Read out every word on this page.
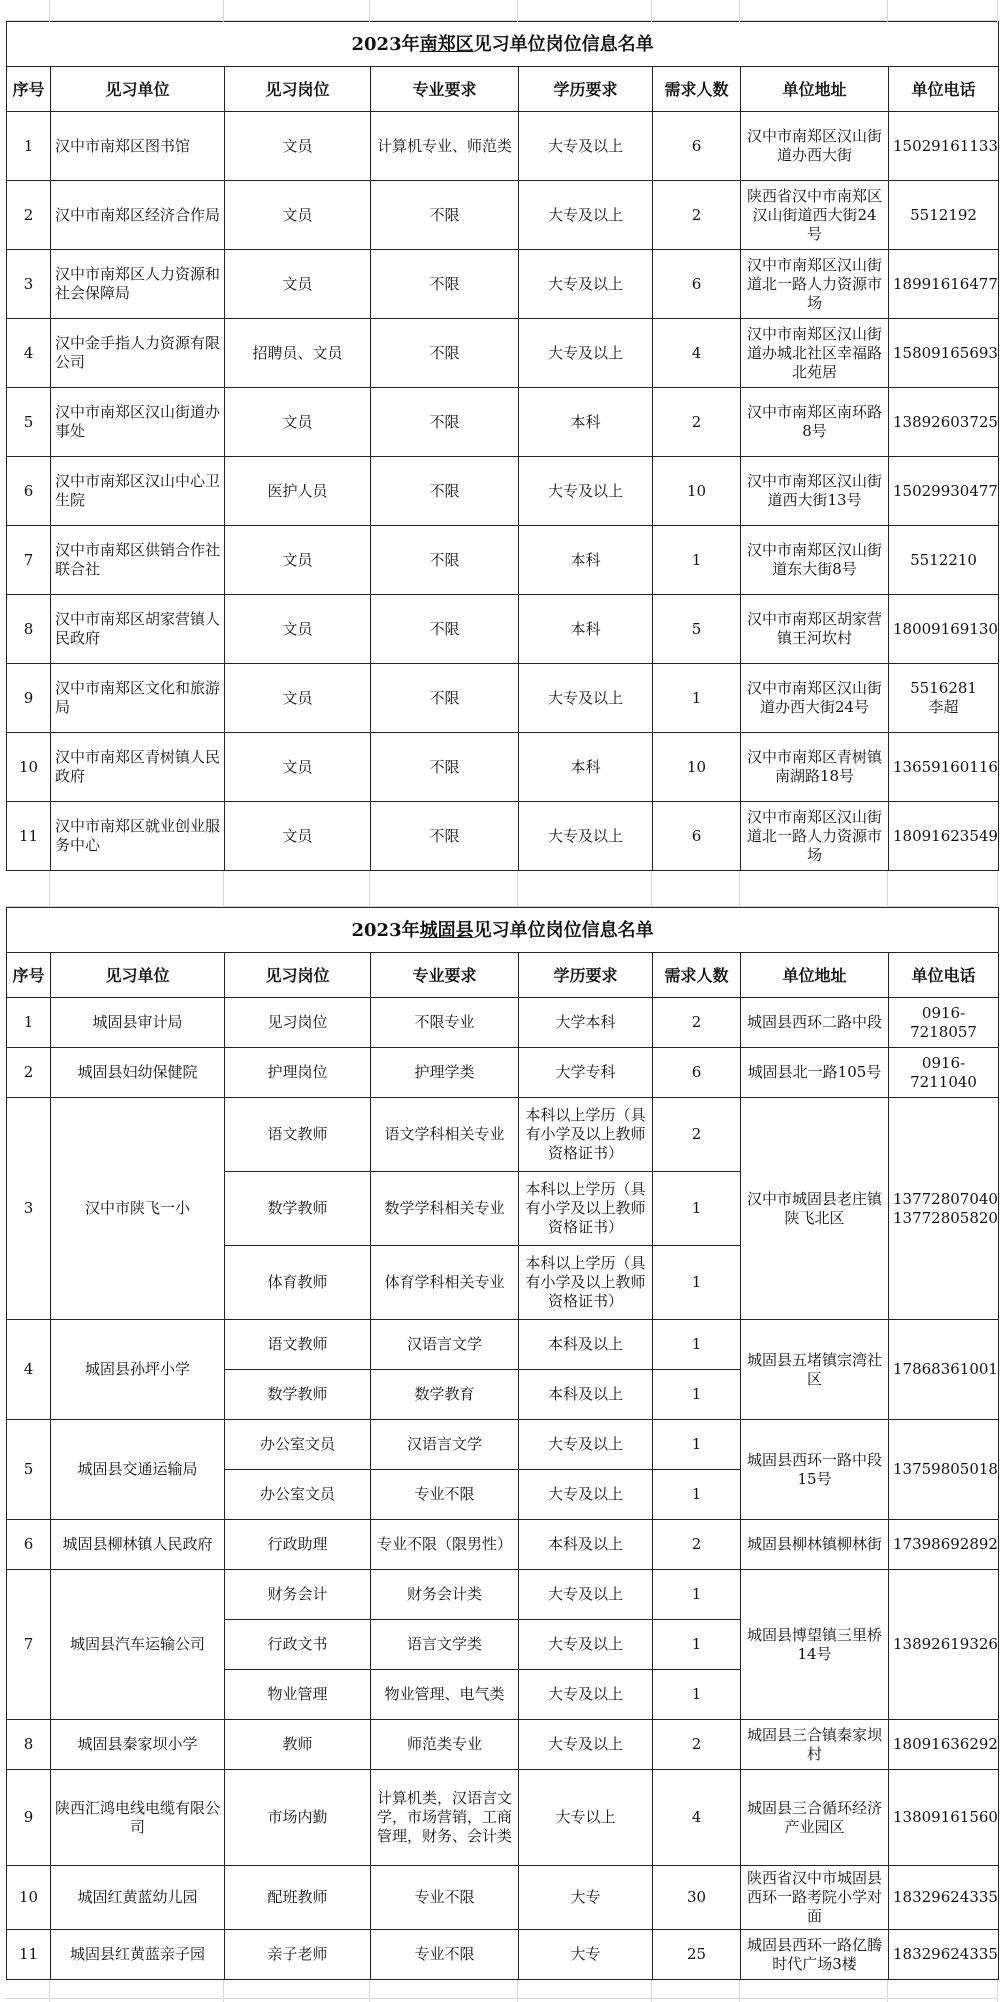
2023年南郑区见习单位岗位信息名单							
序号	见习单位	见习岗位	专业要求	学历要求	需求人数	单位地址	单位电话
1	汉中市南郑区图书馆	文员	计算机专业、师范类	大专及以上	6	汉中市南郑区汉山街道办西大街	15029161133
2	汉中市南郑区经济合作局	文员	不限	大专及以上	2	陕西省汉中市南郑区汉山街道西大街24号	5512192
3	汉中市南郑区人力资源和社会保障局	文员	不限	大专及以上	6	汉中市南郑区汉山街道北一路人力资源市场	18991616477
4	汉中金手指人力资源有限公司	招聘员、文员	不限	大专及以上	4	汉中市南郑区汉山街道办城北社区幸福路北苑居	15809165693
5	汉中市南郑区汉山街道办事处	文员	不限	本科	2	汉中市南郑区南环路8号	13892603725
6	汉中市南郑区汉山中心卫生院	医护人员	不限	大专及以上	10	汉中市南郑区汉山街道西大街13号	15029930477
7	汉中市南郑区供销合作社联合社	文员	不限	本科	1	汉中市南郑区汉山街道东大街8号	5512210
8	汉中市南郑区胡家营镇人民政府	文员	不限	本科	5	汉中市南郑区胡家营镇王河坎村	18009169130
9	汉中市南郑区文化和旅游局	文员	不限	大专及以上	1	汉中市南郑区汉山街道办西大街24号	5516281
李超

10	汉中市南郑区青树镇人民政府	文员	不限	本科	10	汉中市南郑区青树镇南湖路18号	13659160116
11	汉中市南郑区就业创业服务中心	文员	不限	大专及以上	6	汉中市南郑区汉山街道北一路人力资源市场	18091623549
2023年城固县见习单位岗位信息名单							
序号	见习单位	见习岗位	专业要求	学历要求	需求人数	单位地址	单位电话
1	城固县审计局	见习岗位	不限专业	大学本科	2	城固县西环二路中段	0916-7218057
2	城固县妇幼保健院	护理岗位	护理学类	大学专科	6	城固县北一路105号	0916-7211040
3	汉中市陕飞一小	语文教师	语文学科相关专业	本科以上学历（具有小学及以上教师资格证书）	2	汉中市城固县老庄镇陕飞北区	13772807040
13772805820

		数学教师	数学学科相关专业	本科以上学历（具有小学及以上教师资格证书）	1		
		体育教师	体育学科相关专业	本科以上学历（具有小学及以上教师资格证书）	1		
4	城固县孙坪小学	语文教师	汉语言文学	本科及以上	1	城固县五堵镇宗湾社区	17868361001
		数学教师	数学教育	本科及以上	1		
5	城固县交通运输局	办公室文员	汉语言文学	大专及以上	1	城固县西环一路中段15号	13759805018
		办公室文员	专业不限	大专及以上	1		
6	城固县柳林镇人民政府	行政助理	专业不限（限男性）	本科及以上	2	城固县柳林镇柳林街	17398692892
7	城固县汽车运输公司	财务会计	财务会计类	大专及以上	1	城固县博望镇三里桥14号	13892619326
		行政文书	语言文学类	大专及以上	1		
		物业管理	物业管理、电气类	大专及以上	1		
8	城固县秦家坝小学	教师	师范类专业	大专及以上	2	城固县三合镇秦家坝村	18091636292
9	陕西汇鸿电线电缆有限公司	市场内勤	计算机类，汉语言文学，市场营销，工商管理，财务、会计类	大专以上	4	城固县三合循环经济产业园区	13809161560
10	城固红黄蓝幼儿园	配班教师	专业不限	大专	30	陕西省汉中市城固县西环一路考院小学对面	18329624335
11	城固县红黄蓝亲子园	亲子老师	专业不限	大专	25	城固县西环一路亿腾时代广场3楼	18329624335
